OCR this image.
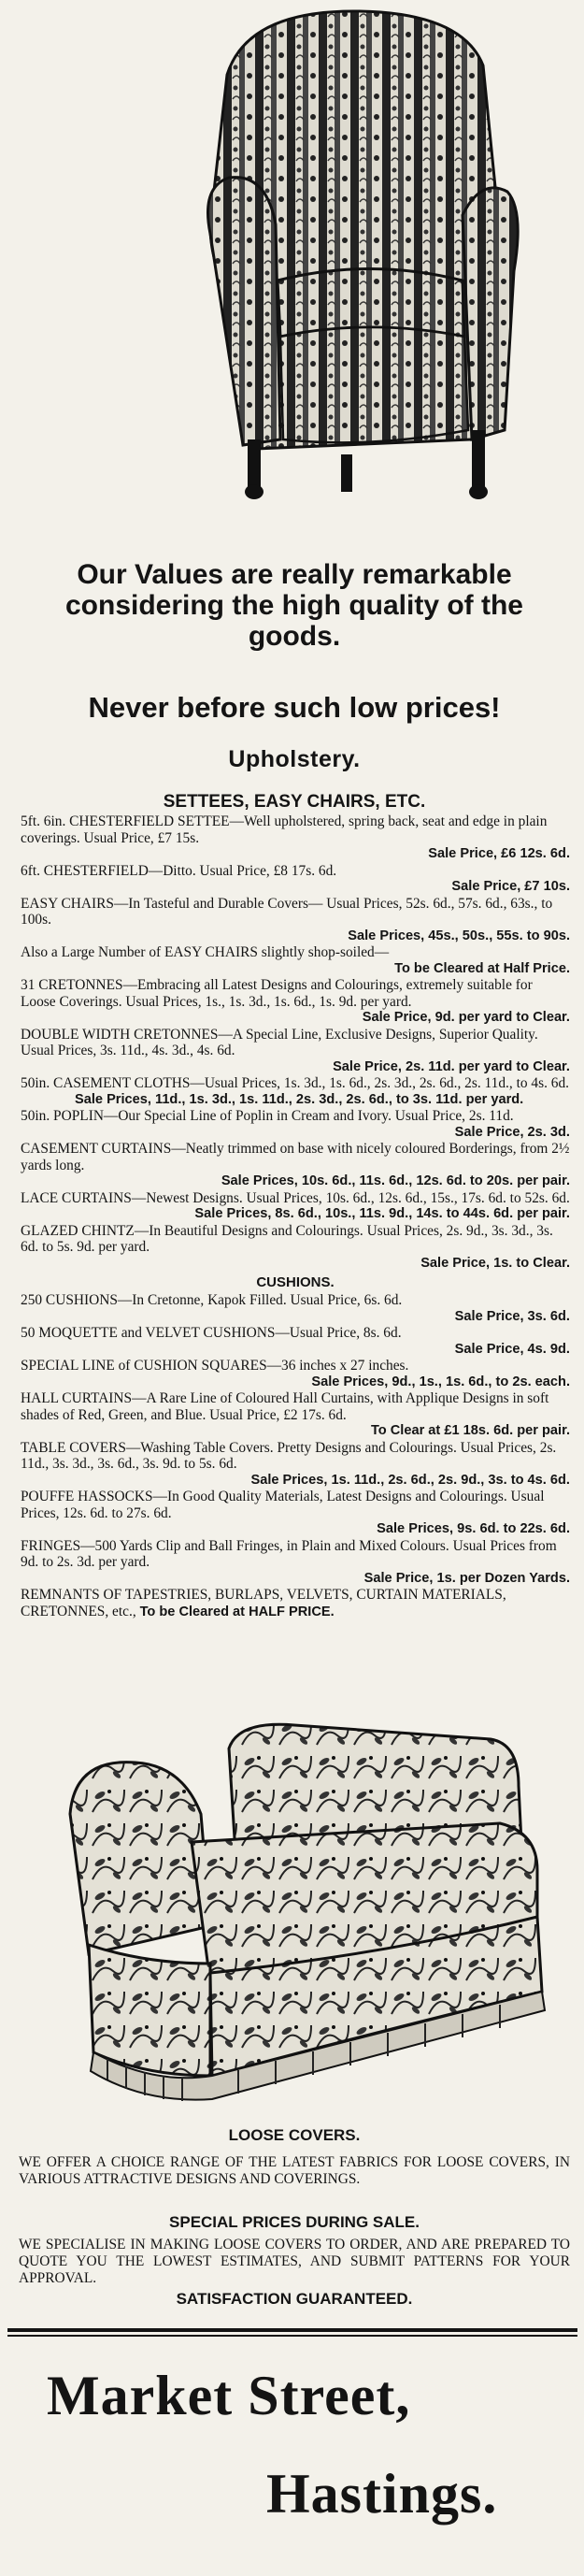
Our Values are really remarkable considering the high quality of the goods.
Never before such low prices!
Upholstery.
SETTEES, EASY CHAIRS, ETC.
5ft. 6in. CHESTERFIELD SETTEE—Well upholstered, spring back, seat and edge in plain coverings. Usual Price, £7 15s.
Sale Price, £6 12s. 6d.
6ft. CHESTERFIELD—Ditto. Usual Price, £8 17s. 6d.
Sale Price, £7 10s.
EASY CHAIRS—In Tasteful and Durable Covers— Usual Prices, 52s. 6d., 57s. 6d., 63s., to 100s.
Sale Prices, 45s., 50s., 55s. to 90s.
Also a Large Number of EASY CHAIRS slightly shop-soiled—
To be Cleared at Half Price.
31 CRETONNES—Embracing all Latest Designs and Colourings, extremely suitable for Loose Coverings. Usual Prices, 1s., 1s. 3d., 1s. 6d., 1s. 9d. per yard.
Sale Price, 9d. per yard to Clear.
DOUBLE WIDTH CRETONNES—A Special Line, Exclusive Designs, Superior Quality. Usual Prices, 3s. 11d., 4s. 3d., 4s. 6d.
Sale Price, 2s. 11d. per yard to Clear.
50in. CASEMENT CLOTHS—Usual Prices, 1s. 3d., 1s. 6d., 2s. 3d., 2s. 6d., 2s. 11d., to 4s. 6d.
Sale Prices, 11d., 1s. 3d., 1s. 11d., 2s. 3d., 2s. 6d., to 3s. 11d. per yard.
50in. POPLIN—Our Special Line of Poplin in Cream and Ivory. Usual Price, 2s. 11d.
Sale Price, 2s. 3d.
CASEMENT CURTAINS—Neatly trimmed on base with nicely coloured Borderings, from 2½ yards long.
Sale Prices, 10s. 6d., 11s. 6d., 12s. 6d. to 20s. per pair.
LACE CURTAINS—Newest Designs. Usual Prices, 10s. 6d., 12s. 6d., 15s., 17s. 6d. to 52s. 6d.
Sale Prices, 8s. 6d., 10s., 11s. 9d., 14s. to 44s. 6d. per pair.
GLAZED CHINTZ—In Beautiful Designs and Colourings. Usual Prices, 2s. 9d., 3s. 3d., 3s. 6d. to 5s. 9d. per yard.
Sale Price, 1s. to Clear.
CUSHIONS.
250 CUSHIONS—In Cretonne, Kapok Filled. Usual Price, 6s. 6d.
Sale Price, 3s. 6d.
50 MOQUETTE and VELVET CUSHIONS—Usual Price, 8s. 6d.
Sale Price, 4s. 9d.
SPECIAL LINE of CUSHION SQUARES—36 inches x 27 inches.
Sale Prices, 9d., 1s., 1s. 6d., to 2s. each.
HALL CURTAINS—A Rare Line of Coloured Hall Curtains, with Applique Designs in soft shades of Red, Green, and Blue. Usual Price, £2 17s. 6d.
To Clear at £1 18s. 6d. per pair.
TABLE COVERS—Washing Table Covers. Pretty Designs and Colourings. Usual Prices, 2s. 11d., 3s. 3d., 3s. 6d., 3s. 9d. to 5s. 6d.
Sale Prices, 1s. 11d., 2s. 6d., 2s. 9d., 3s. to 4s. 6d.
POUFFE HASSOCKS—In Good Quality Materials, Latest Designs and Colourings. Usual Prices, 12s. 6d. to 27s. 6d.
Sale Prices, 9s. 6d. to 22s. 6d.
FRINGES—500 Yards Clip and Ball Fringes, in Plain and Mixed Colours. Usual Prices from 9d. to 2s. 3d. per yard.
Sale Price, 1s. per Dozen Yards.
REMNANTS OF TAPESTRIES, BURLAPS, VELVETS, CURTAIN MATERIALS, CRETONNES, etc., To be Cleared at HALF PRICE.
LOOSE COVERS.

WE OFFER A CHOICE RANGE OF THE LATEST FABRICS FOR LOOSE COVERS, IN VARIOUS ATTRACTIVE DESIGNS AND COVERINGS.

SPECIAL PRICES DURING SALE.

WE SPECIALISE IN MAKING LOOSE COVERS TO ORDER, AND ARE PREPARED TO QUOTE YOU THE LOWEST ESTIMATES, AND SUBMIT PATTERNS FOR YOUR APPROVAL.

SATISFACTION GUARANTEED.
Market Street,
Hastings.
